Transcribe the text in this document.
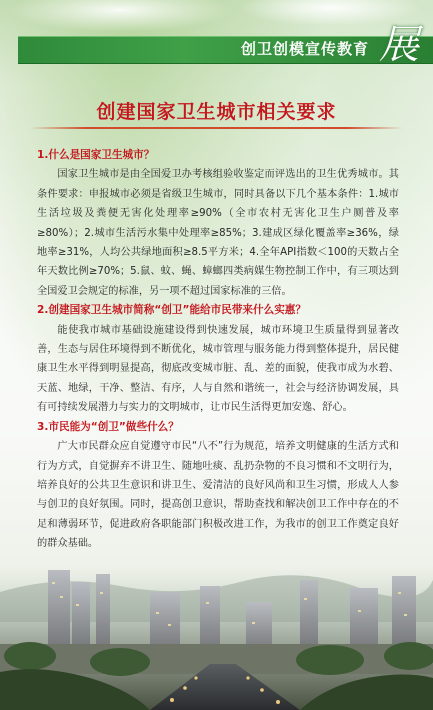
创卫创模宣传教育 展
创建国家卫生城市相关要求

1.什么是国家卫生城市？

国家卫生城市是由全国爱卫办考核组验收鉴定而评选出的卫生优秀城市。其条件要求：申报城市必须是省级卫生城市，同时具备以下几个基本条件：1.城市生活垃圾及粪便无害化处理率≥90%（全市农村无害化卫生户厕普及率≥80%）；2.城市生活污水集中处理率≥85%；3.建成区绿化覆盖率≥36%，绿地率≥31%，人均公共绿地面积≥8.5平方米；4.全年API指数＜100的天数占全年天数比例≥70%；5.鼠、蚊、蝇、蟑螂四类病媒生物控制工作中，有三项达到全国爱卫会规定的标准，另一项不超过国家标准的三倍。

2.创建国家卫生城市简称“创卫”能给市民带来什么实惠？

能使我市城市基础设施建设得到快速发展，城市环境卫生质量得到显著改善，生态与居住环境得到不断优化，城市管理与服务能力得到整体提升，居民健康卫生水平得到明显提高，彻底改变城市脏、乱、差的面貌，使我市成为水碧、天蓝、地绿，干净、整洁、有序，人与自然和谐统一，社会与经济协调发展，具有可持续发展潜力与实力的文明城市，让市民生活得更加安逸、舒心。

3.市民能为“创卫”做些什么？

广大市民群众应自觉遵守市民“八不”行为规范，培养文明健康的生活方式和行为方式，自觉摒弃不讲卫生、随地吐痰、乱扔杂物的不良习惯和不文明行为，培养良好的公共卫生意识和讲卫生、爱清洁的良好风尚和卫生习惯，形成人人参与创卫的良好氛围。同时，提高创卫意识，帮助查找和解决创卫工作中存在的不足和薄弱环节，促进政府各职能部门积极改进工作，为我市的创卫工作奠定良好的群众基础。
